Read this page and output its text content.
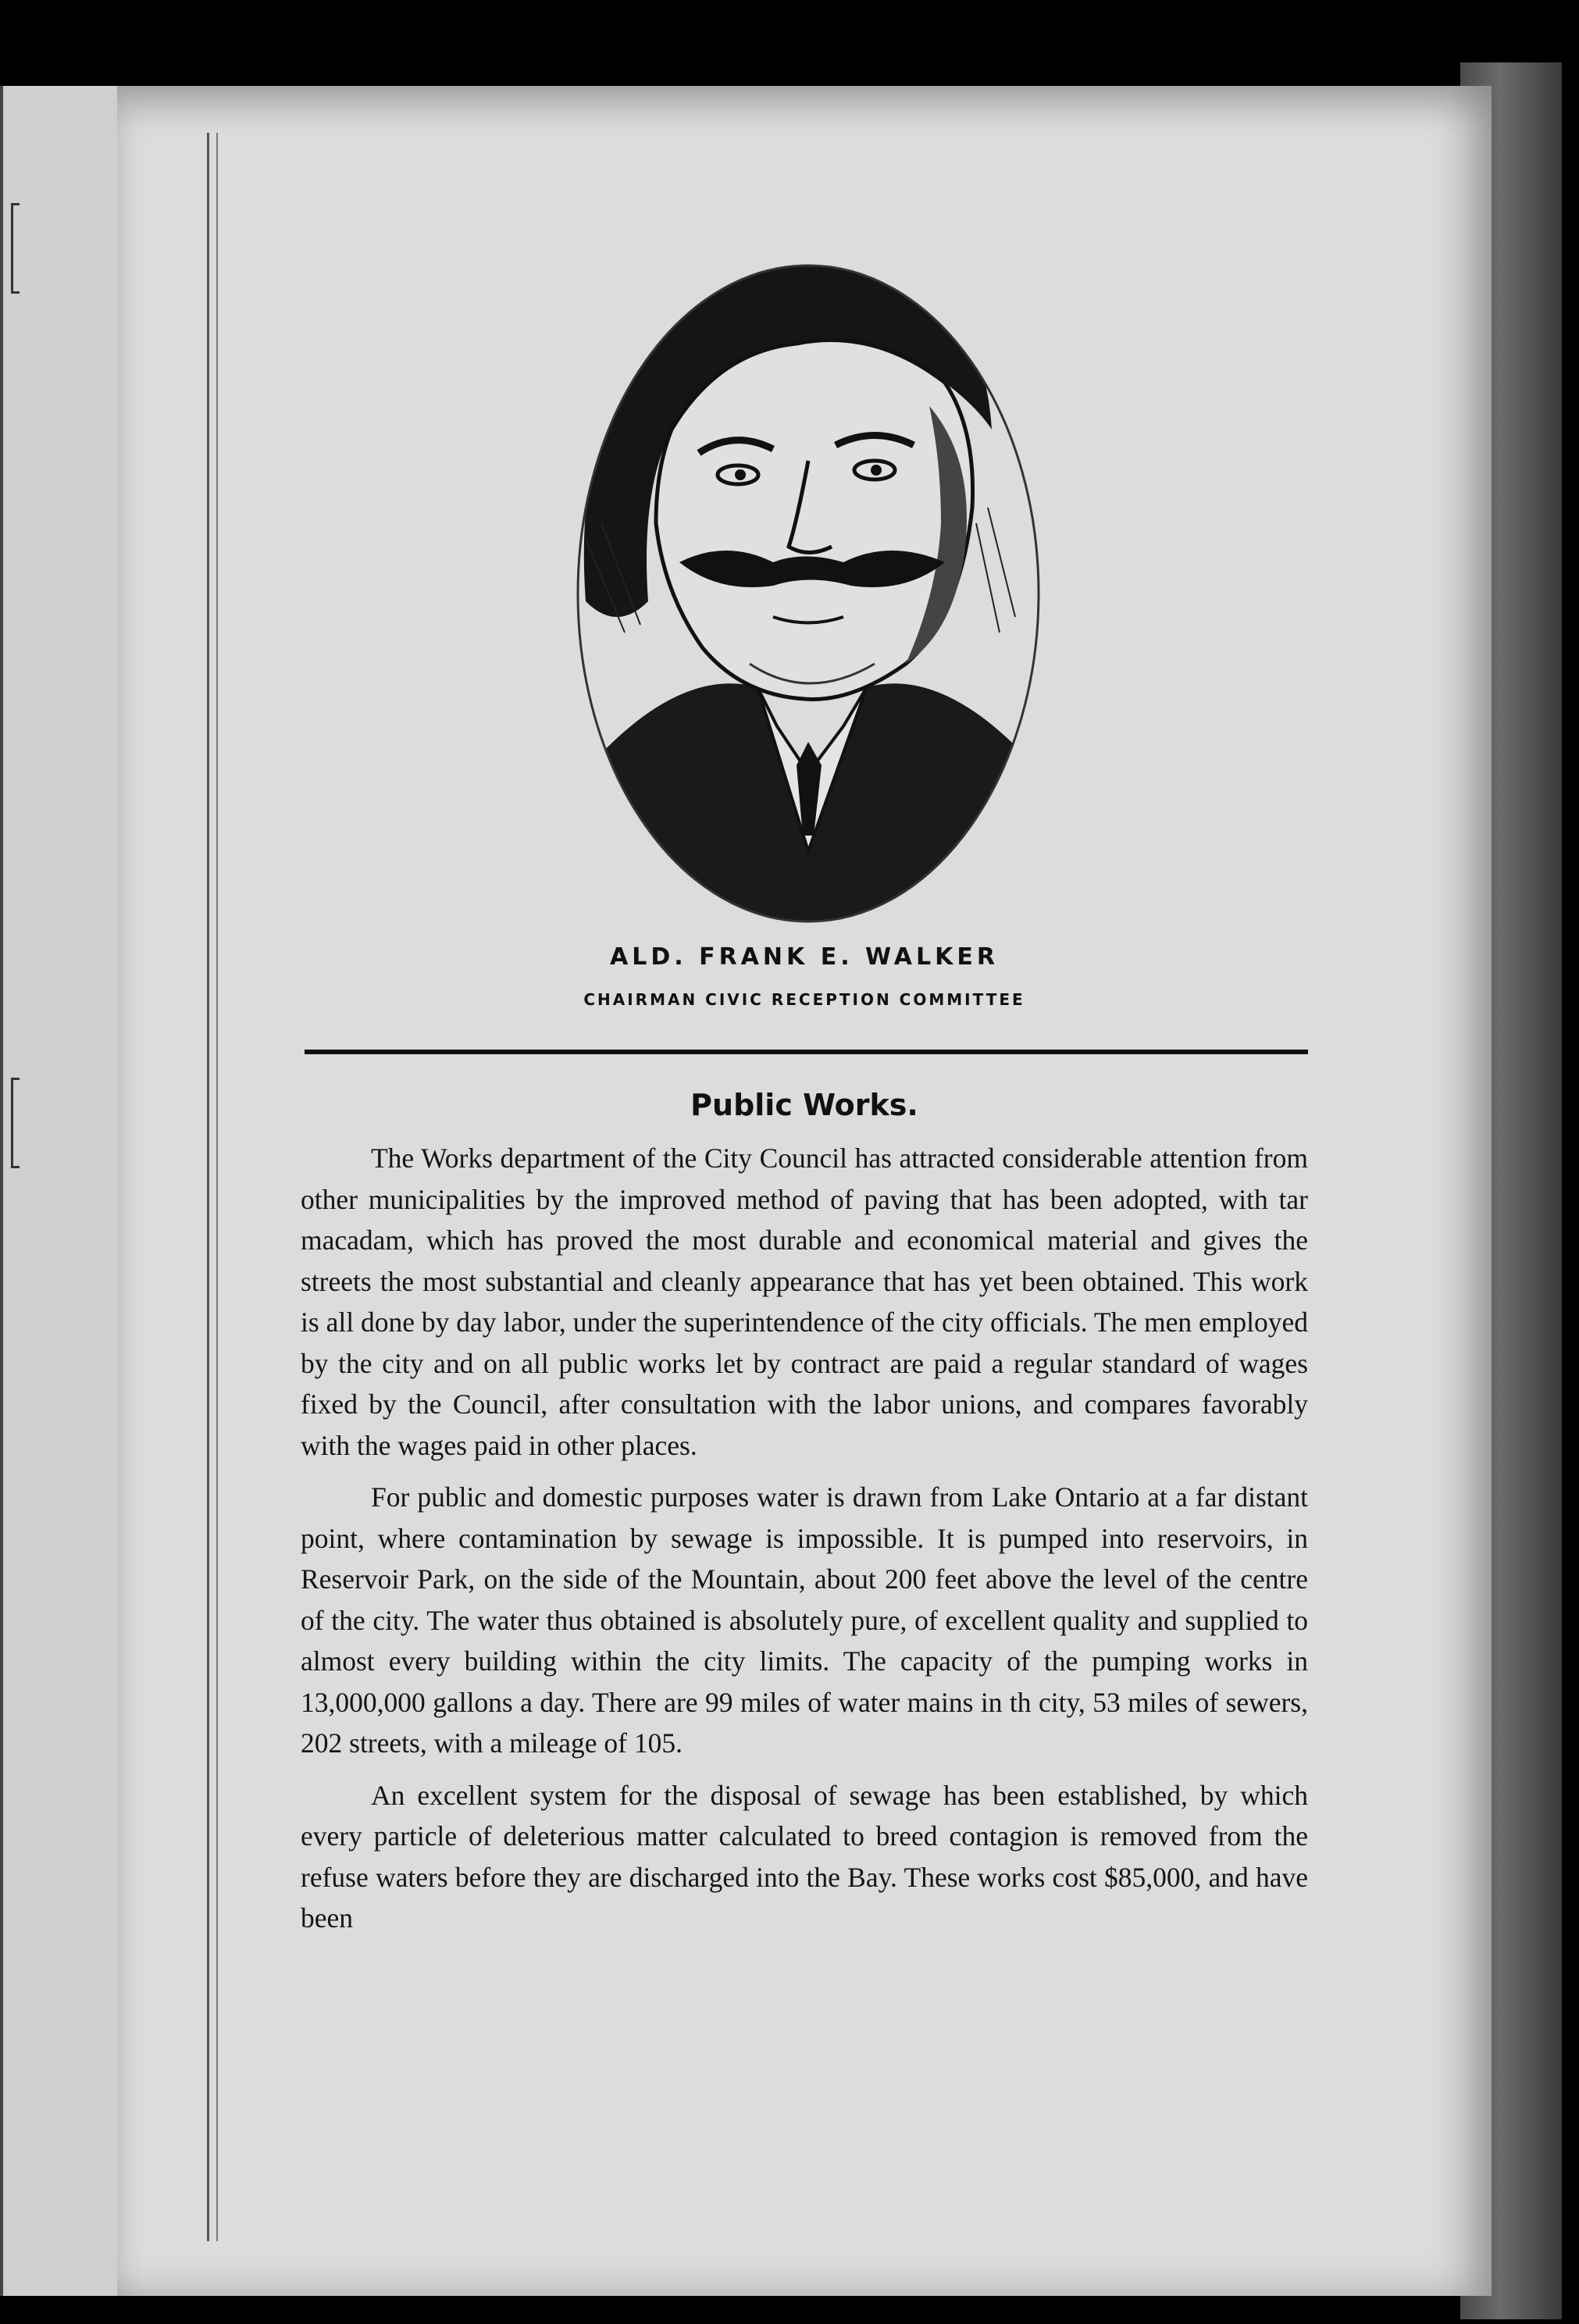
ALD. FRANK E. WALKER
CHAIRMAN CIVIC RECEPTION COMMITTEE
Public Works.

The Works department of the City Council has attracted considerable attention from other municipalities by the improved method of paving that has been adopted, with tar macadam, which has proved the most durable and economical material and gives the streets the most substantial and cleanly appearance that has yet been obtained. This work is all done by day labor, under the superintendence of the city officials. The men employed by the city and on all public works let by contract are paid a regular standard of wages fixed by the Council, after consultation with the labor unions, and compares favorably with the wages paid in other places.

For public and domestic purposes water is drawn from Lake Ontario at a far distant point, where contamination by sewage is impossible. It is pumped into reservoirs, in Reservoir Park, on the side of the Mountain, about 200 feet above the level of the centre of the city. The water thus obtained is absolutely pure, of excellent quality and supplied to almost every building within the city limits. The capacity of the pumping works in 13,000,000 gallons a day. There are 99 miles of water mains in th city, 53 miles of sewers, 202 streets, with a mileage of 105.

An excellent system for the disposal of sewage has been established, by which every particle of deleterious matter calculated to breed contagion is removed from the refuse waters before they are discharged into the Bay. These works cost $85,000, and have been
